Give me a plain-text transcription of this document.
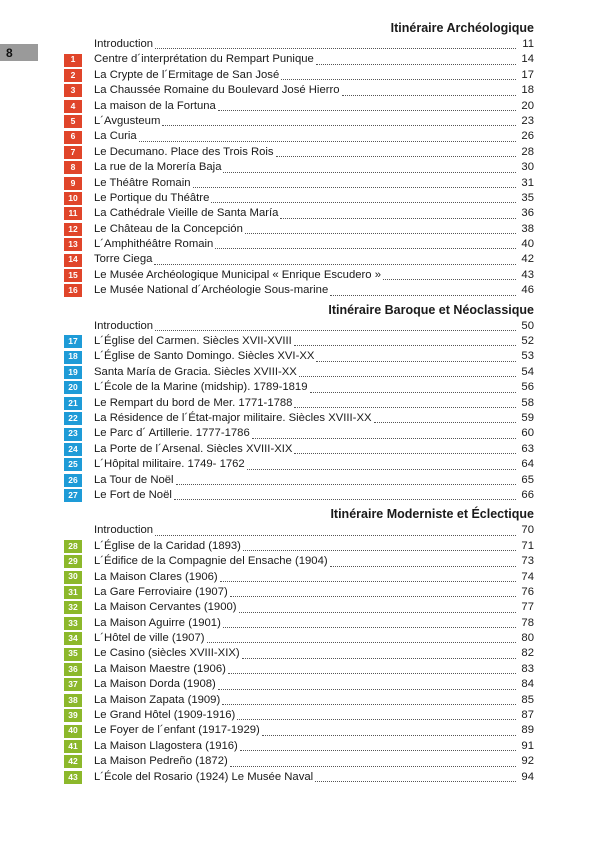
8
Itinéraire Archéologique
Introduction	11
1	Centre d´interprétation du Rempart Punique	14
2	La Crypte de l´Ermitage de San José	17
3	La Chaussée Romaine du Boulevard José Hierro	18
4	La maison de la Fortuna	20
5	L´Avgusteum	23
6	La Curia	26
7	Le Decumano. Place des Trois Rois	28
8	La rue de la Morería Baja	30
9	Le Théâtre Romain	31
10	Le Portique du Théâtre	35
11	La Cathédrale Vieille de Santa María	36
12	Le Château de la Concepción	38
13	L´Amphithéâtre Romain	40
14	Torre Ciega	42
15	Le Musée Archéologique Municipal « Enrique Escudero »	43
16	Le Musée National d´Archéologie Sous-marine	46
Itinéraire Baroque et Néoclassique
Introduction	50
17	L´Église del Carmen. Siècles XVII-XVIII	52
18	L´Église de Santo Domingo. Siècles XVI-XX	53
19	Santa María de Gracia. Siècles XVIII-XX	54
20	L´École de la Marine (midship). 1789-1819	56
21	Le Rempart du bord de Mer. 1771-1788	58
22	La Résidence de l´État-major militaire. Siècles XVIII-XX	59
23	Le Parc d´ Artillerie. 1777-1786	60
24	La Porte de l´Arsenal. Siècles XVIII-XIX	63
25	L´Hôpital militaire. 1749- 1762	64
26	La Tour de Noël	65
27	Le Fort de Noël	66
Itinéraire Moderniste et Éclectique
Introduction	70
28	L´Église de la Caridad (1893)	71
29	L´Édifice de la Compagnie del Ensache (1904)	73
30	La Maison Clares (1906)	74
31	La Gare Ferroviaire (1907)	76
32	La Maison Cervantes (1900)	77
33	La Maison Aguirre (1901)	78
34	L´Hôtel de ville (1907)	80
35	Le Casino (siècles XVIII-XIX)	82
36	La Maison Maestre (1906)	83
37	La Maison Dorda (1908)	84
38	La Maison Zapata (1909)	85
39	Le Grand Hôtel (1909-1916)	87
40	Le Foyer de l´enfant (1917-1929)	89
41	La Maison Llagostera (1916)	91
42	La Maison Pedreño (1872)	92
43	L´École del Rosario (1924) Le Musée Naval	94
